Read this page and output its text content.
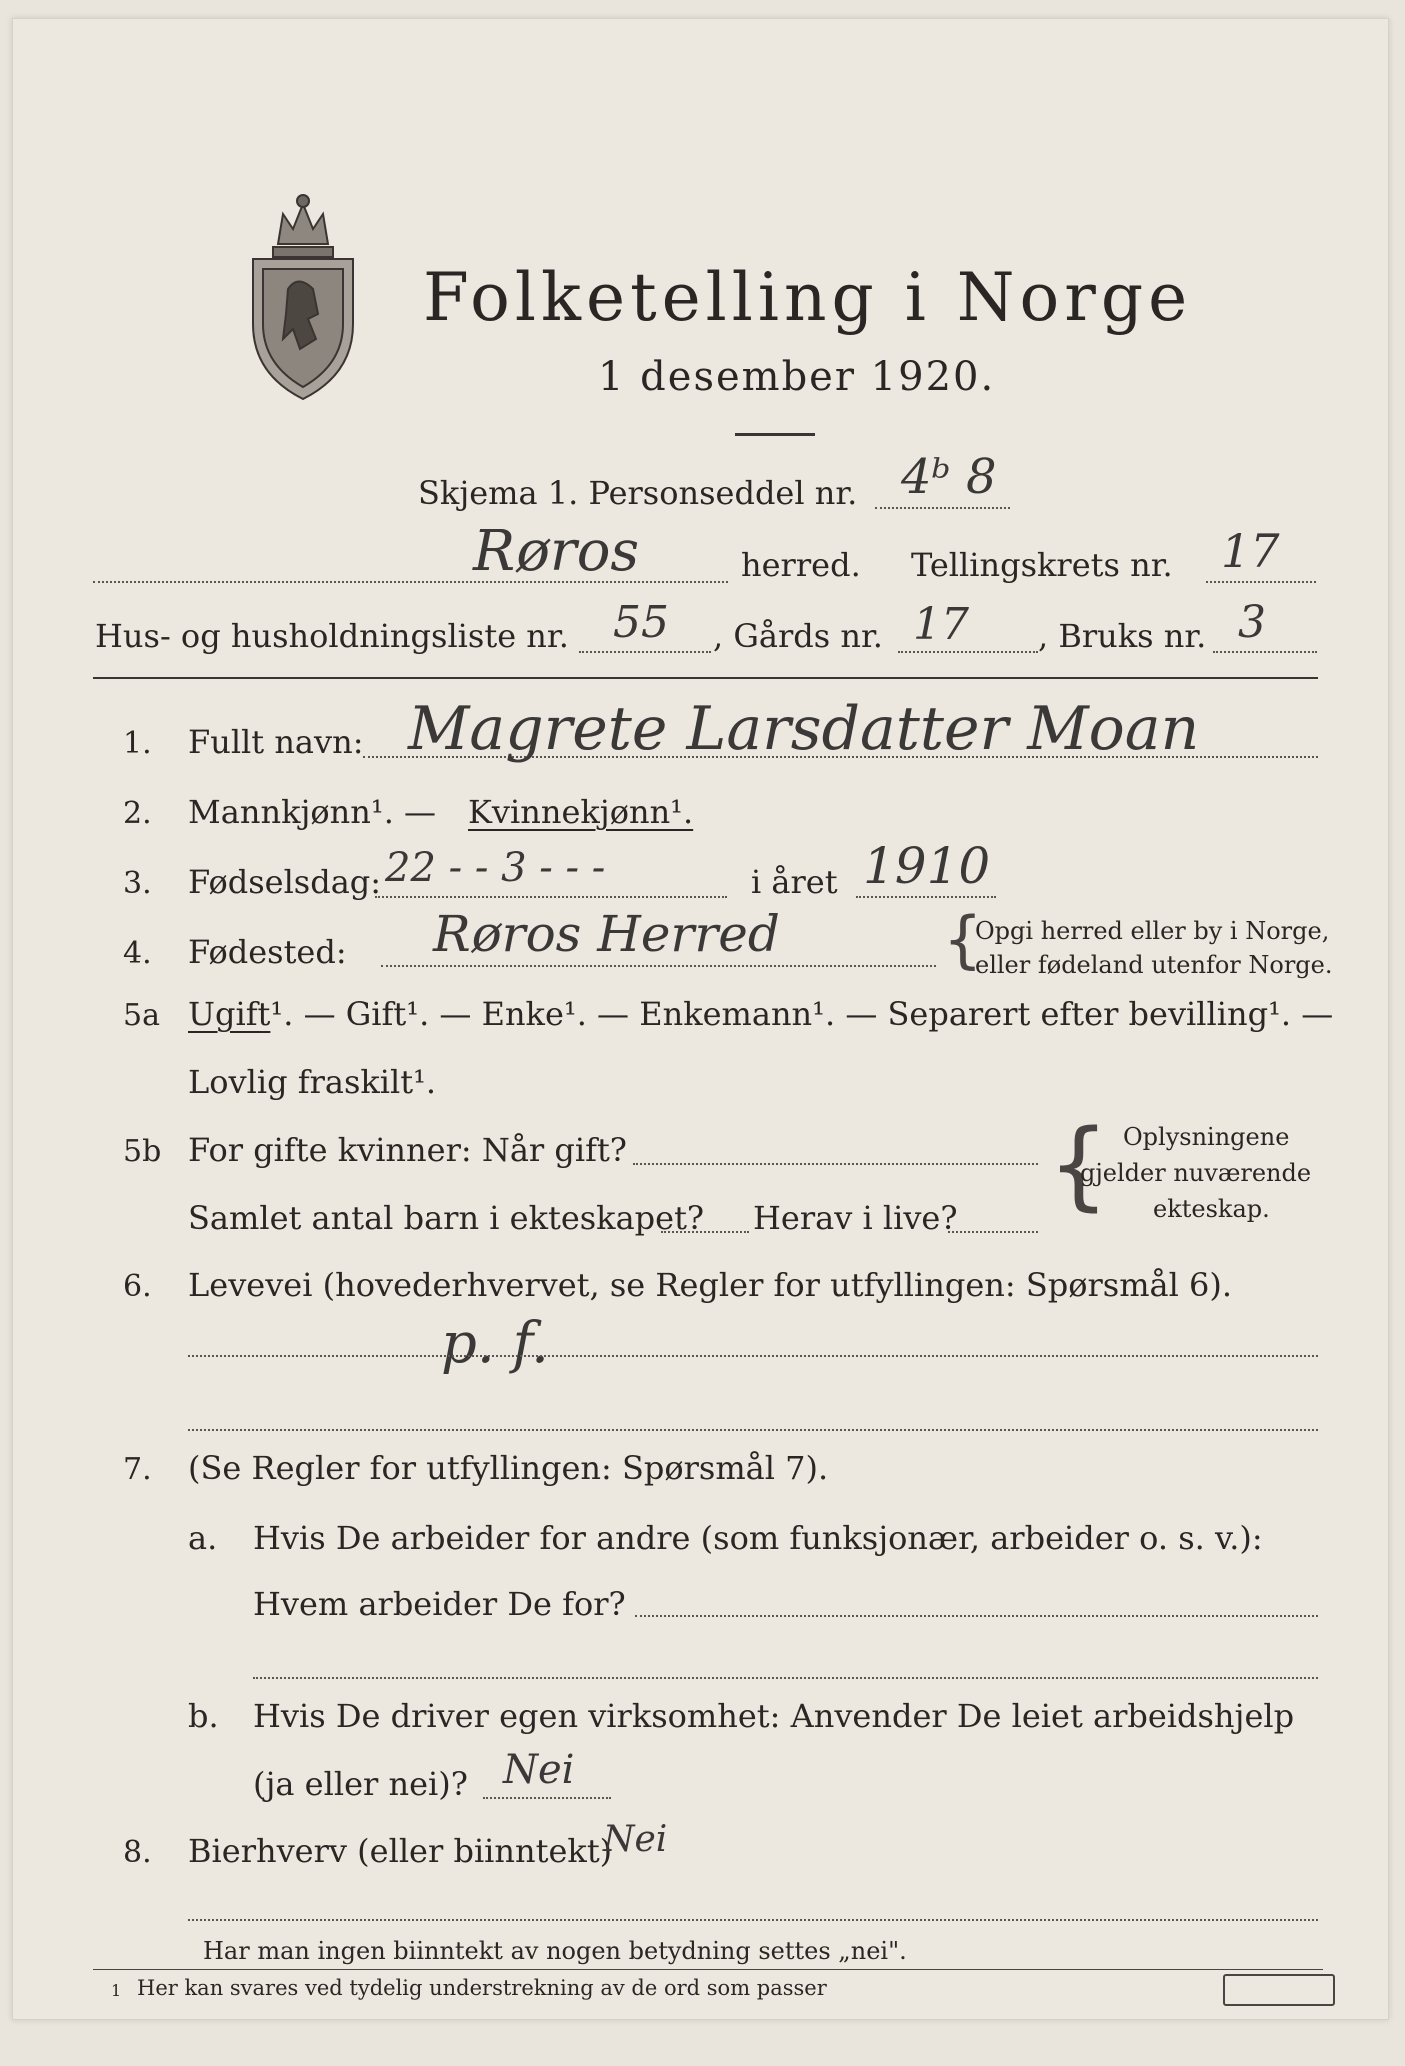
Folketelling i Norge
1 desember 1920.
Skjema 1. Personseddel nr. 4ᵇ 8
Røros	herred. Tellingskrets nr. 17
Hus- og husholdningsliste nr. 55 , Gårds nr. 17 , Bruks nr. 3
1. Fullt navn: Magrete Larsdatter Moan
2. Mannkjønn¹. — Kvinnekjønn¹.
3. Fødselsdag: 22 - - 3 - - -	i året 1910
4. Fødested: Røros Herred	{
Opgi herred eller by i Norge,
eller fødeland utenfor Norge.
5a Ugift¹. — Gift¹. — Enke¹. — Enkemann¹. — Separert efter bevilling¹. —
Lovlig fraskilt¹.
5b For gifte kvinner: Når gift?
Samlet antal barn i ekteskapet? Herav i live? { Oplysningene
gjelder nuværende
ekteskap.
6. Levevei (hovederhvervet, se Regler for utfyllingen: Spørsmål 6).
p. f.
7. (Se Regler for utfyllingen: Spørsmål 7).
a. Hvis De arbeider for andre (som funksjonær, arbeider o. s. v.):
Hvem arbeider De for?
b. Hvis De driver egen virksomhet: Anvender De leiet arbeidshjelp
(ja eller nei)? Nei
8. Bierhverv (eller biinntekt)
Nei
Har man ingen biinntekt av nogen betydning settes „nei".
1 Her kan svares ved tydelig understrekning av de ord som passer
